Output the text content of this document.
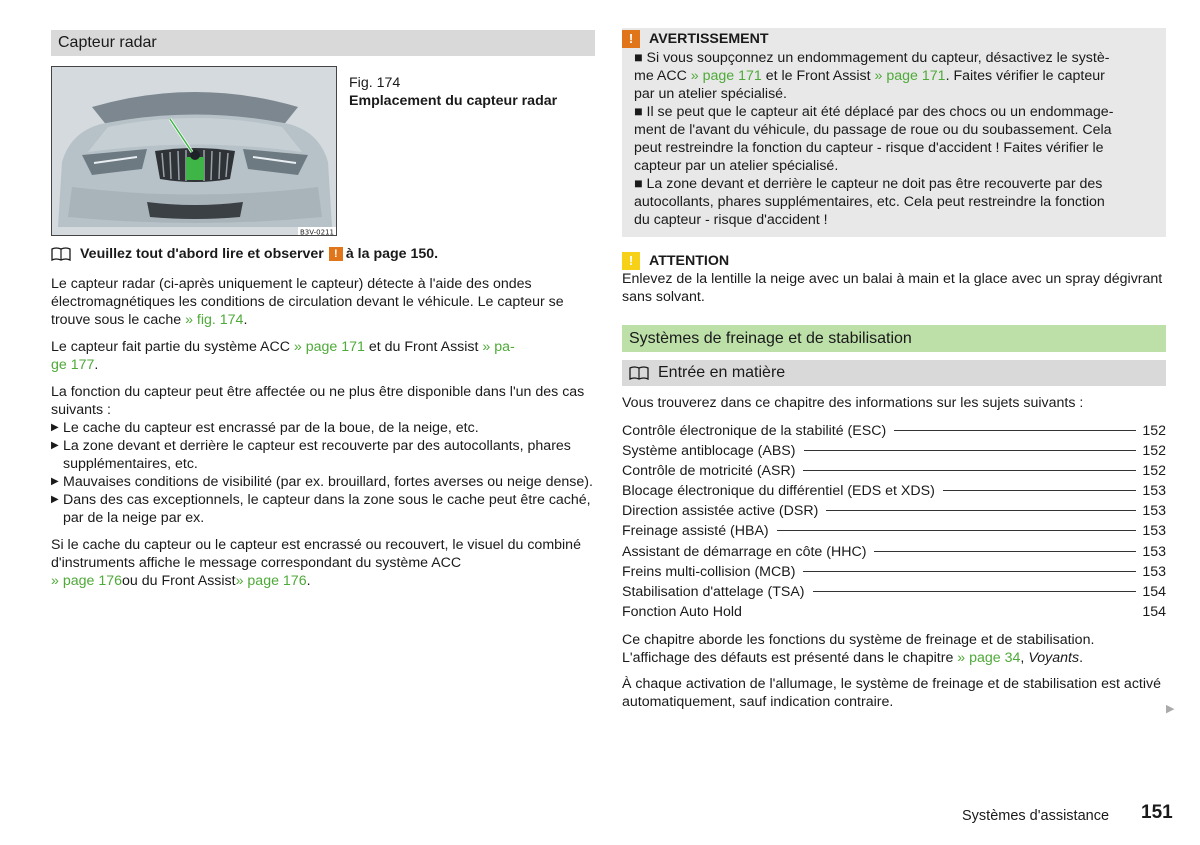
Capteur radar
B3V-0211
Fig. 174
Emplacement du capteur radar
Veuillez tout d'abord lire et observer ! à la page 150.

Le capteur radar (ci-après uniquement le capteur) détecte à l'aide des ondes électromagnétiques les conditions de circulation devant le véhicule. Le capteur se trouve sous le cache » fig. 174.

Le capteur fait partie du système ACC » page 171 et du Front Assist » pa-
ge 177.

La fonction du capteur peut être affectée ou ne plus être disponible dans l'un des cas suivants :

▶ Le cache du capteur est encrassé par de la boue, de la neige, etc.
▶ La zone devant et derrière le capteur est recouverte par des autocollants, phares supplémentaires, etc.
▶ Mauvaises conditions de visibilité (par ex. brouillard, fortes averses ou neige dense).
▶ Dans des cas exceptionnels, le capteur dans la zone sous le cache peut être caché, par de la neige par ex.

Si le cache du capteur ou le capteur est encrassé ou recouvert, le visuel du combiné d'instruments affiche le message correspondant du système ACC
» page 176ou du Front Assist» page 176.

!	AVERTISSEMENT
■ Si vous soupçonnez un endommagement du capteur, désactivez le systè-
me ACC » page 171 et le Front Assist » page 171. Faites vérifier le capteur
par un atelier spécialisé.
■ Il se peut que le capteur ait été déplacé par des chocs ou un endommage-
ment de l'avant du véhicule, du passage de roue ou du soubassement. Cela
peut restreindre la fonction du capteur - risque d'accident ! Faites vérifier le
capteur par un atelier spécialisé.
■ La zone devant et derrière le capteur ne doit pas être recouverte par des
autocollants, phares supplémentaires, etc. Cela peut restreindre la fonction
du capteur - risque d'accident !
!	ATTENTION

Enlevez de la lentille la neige avec un balai à main et la glace avec un spray dégivrant sans solvant.

Systèmes de freinage et de stabilisation
Entrée en matière

Vous trouverez dans ce chapitre des informations sur les sujets suivants :

Contrôle électronique de la stabilité (ESC)	152
Système antiblocage (ABS)	152
Contrôle de motricité (ASR)	152
Blocage électronique du différentiel (EDS et XDS)	153
Direction assistée active (DSR)	153
Freinage assisté (HBA)	153
Assistant de démarrage en côte (HHC)	153
Freins multi-collision (MCB)	153
Stabilisation d'attelage (TSA)	154
Fonction Auto Hold	154

Ce chapitre aborde les fonctions du système de freinage et de stabilisation.
L'affichage des défauts est présenté dans le chapitre » page 34, Voyants.

À chaque activation de l'allumage, le système de freinage et de stabilisation est activé automatiquement, sauf indication contraire.	▶
Systèmes d'assistance 151
